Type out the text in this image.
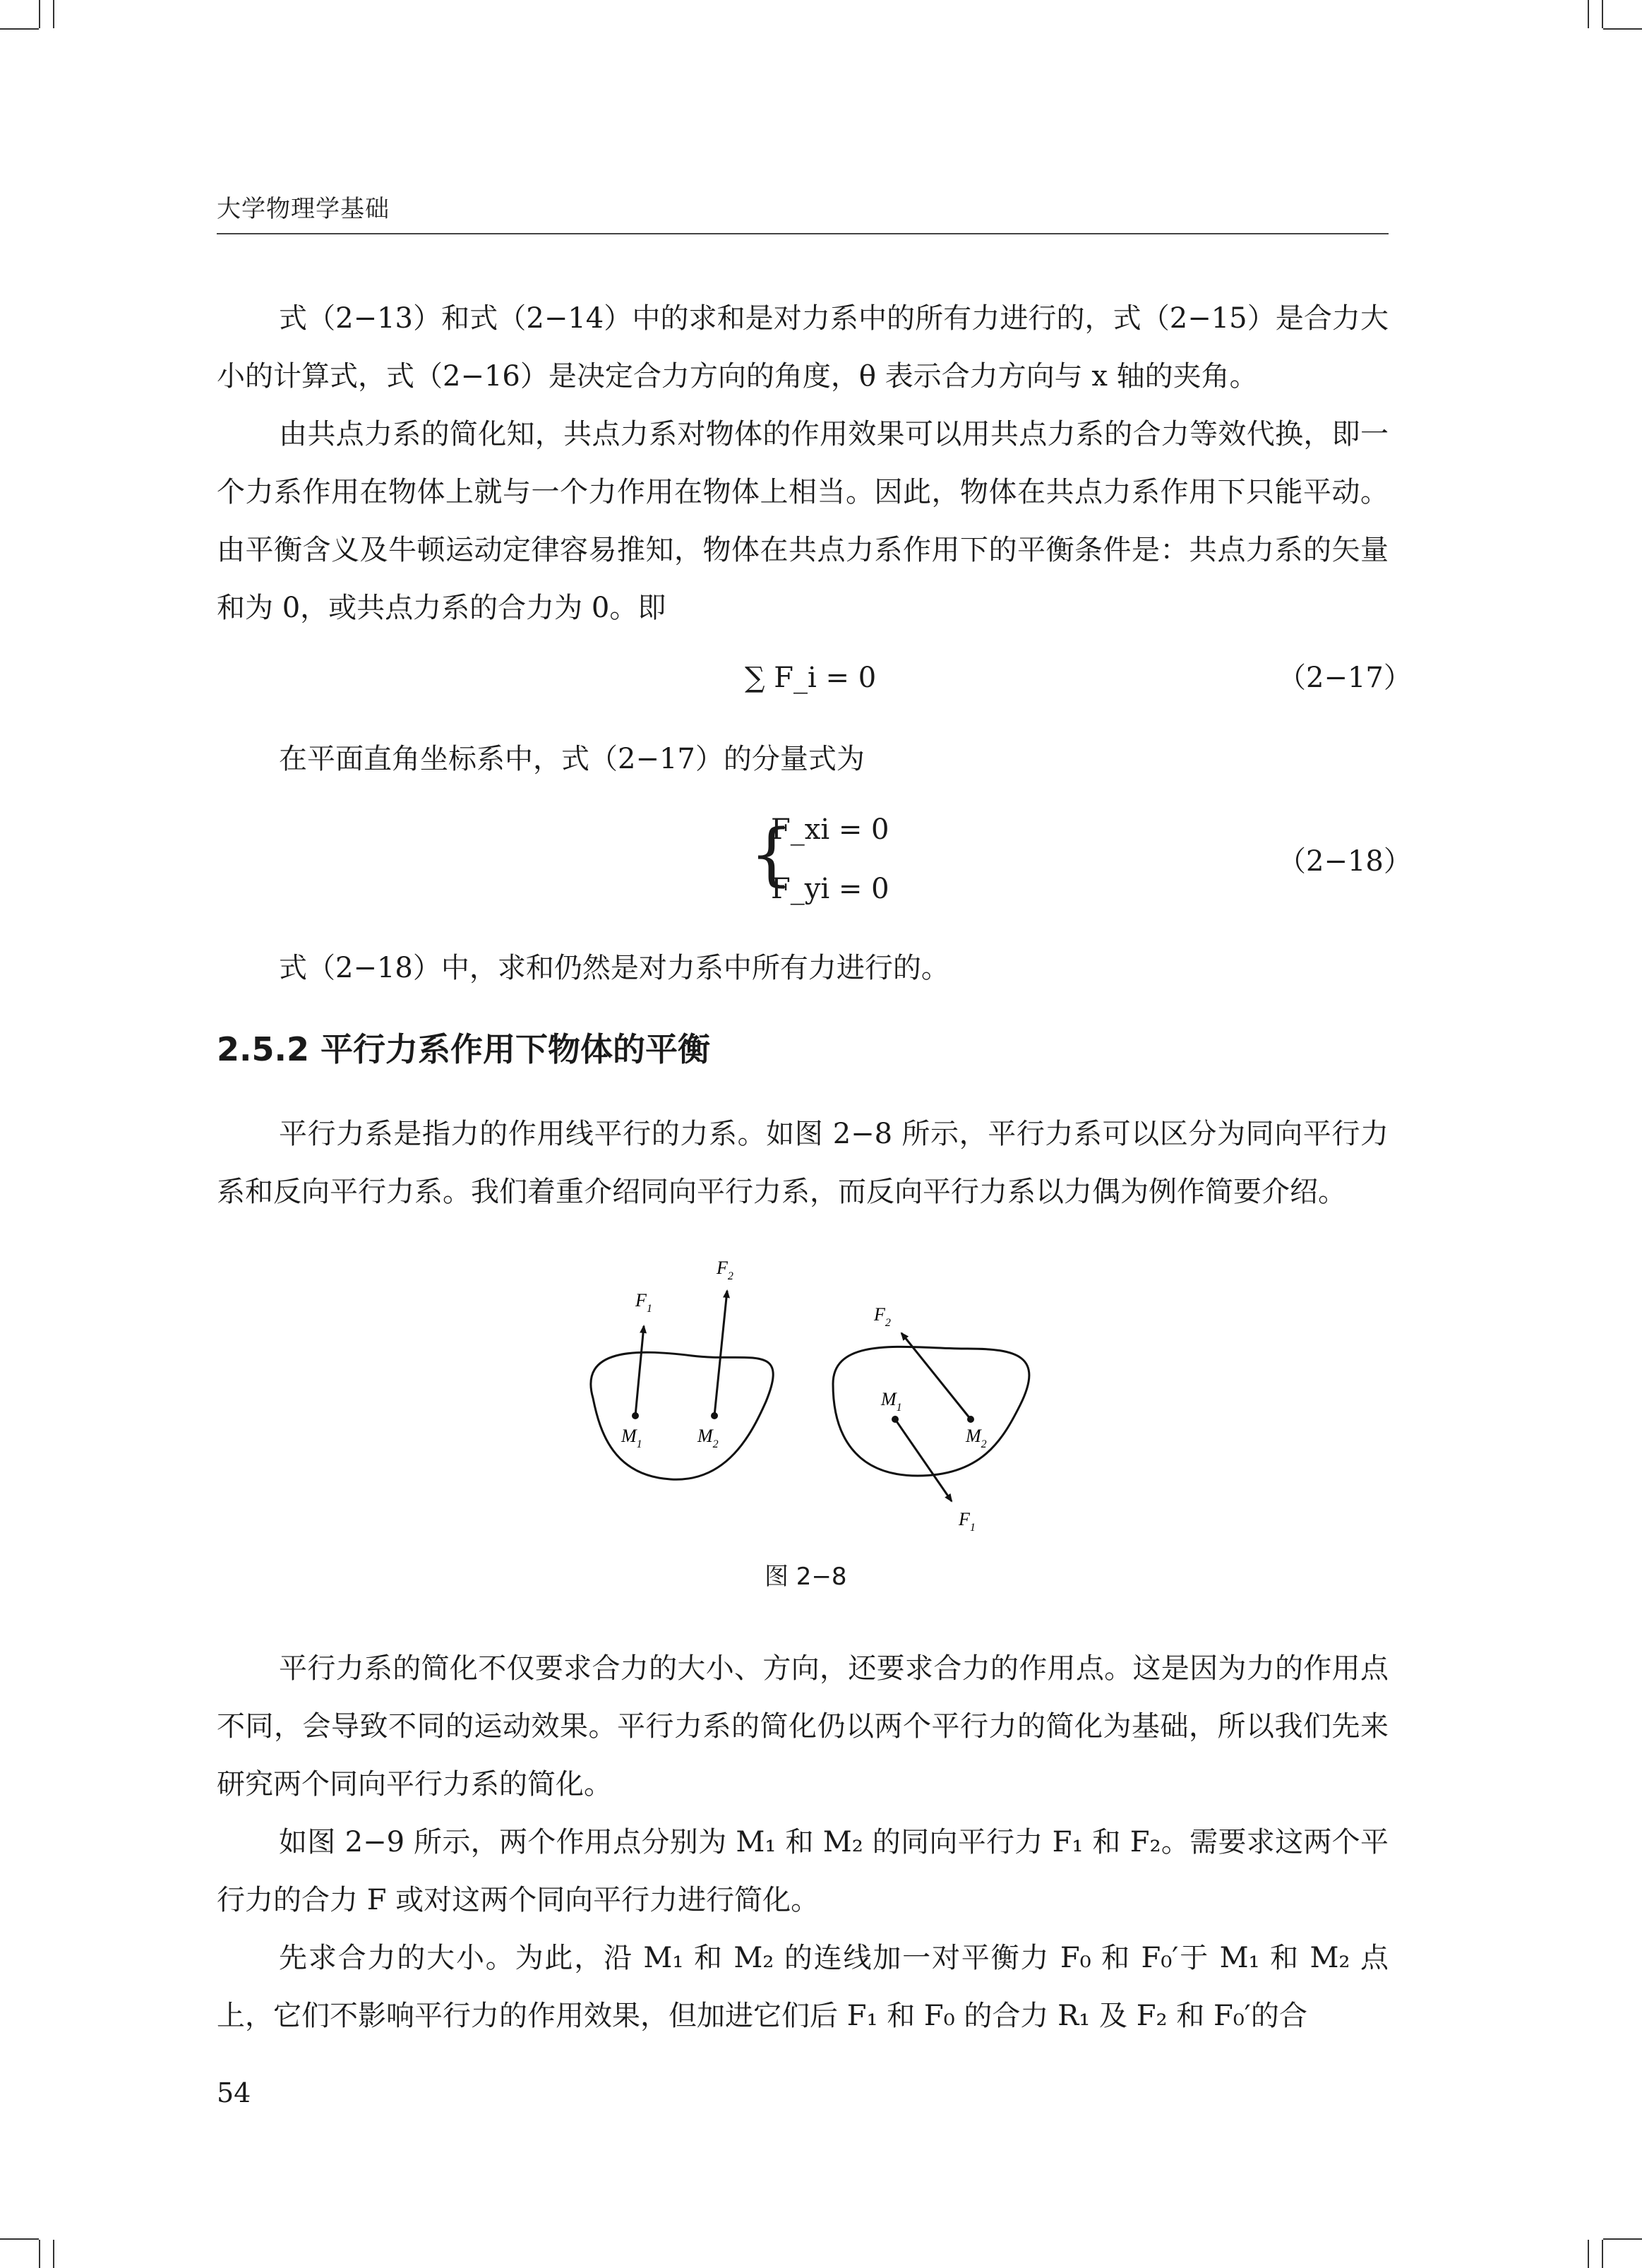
大学物理学基础

式（2−13）和式（2−14）中的求和是对力系中的所有力进行的，式（2−15）是合力大小的计算式，式（2−16）是决定合力方向的角度，θ 表示合力方向与 x 轴的夹角。

由共点力系的简化知，共点力系对物体的作用效果可以用共点力系的合力等效代换，即一个力系作用在物体上就与一个力作用在物体上相当。因此，物体在共点力系作用下只能平动。由平衡含义及牛顿运动定律容易推知，物体在共点力系作用下的平衡条件是：共点力系的矢量和为 0，或共点力系的合力为 0。即

∑ F_i = 0	（2−17）

在平面直角坐标系中，式（2−17）的分量式为

{
F_xi = 0
F_yi = 0
（2−18）

式（2−18）中，求和仍然是对力系中所有力进行的。

2.5.2 平行力系作用下物体的平衡

平行力系是指力的作用线平行的力系。如图 2−8 所示，平行力系可以区分为同向平行力系和反向平行力系。我们着重介绍同向平行力系，而反向平行力系以力偶为例作简要介绍。

$F_1$
$F_2$
$M_1$	$M_2$
$F_2$
$M_1$
$M_2$
$F_1$
图 2−8

平行力系的简化不仅要求合力的大小、方向，还要求合力的作用点。这是因为力的作用点不同，会导致不同的运动效果。平行力系的简化仍以两个平行力的简化为基础，所以我们先来研究两个同向平行力系的简化。

如图 2−9 所示，两个作用点分别为 M₁ 和 M₂ 的同向平行力 F₁ 和 F₂。需要求这两个平行力的合力 F 或对这两个同向平行力进行简化。

先求合力的大小。为此，沿 M₁ 和 M₂ 的连线加一对平衡力 F₀ 和 F₀′于 M₁ 和 M₂ 点上，它们不影响平行力的作用效果，但加进它们后 F₁ 和 F₀ 的合力 R₁ 及 F₂ 和 F₀′的合

54
